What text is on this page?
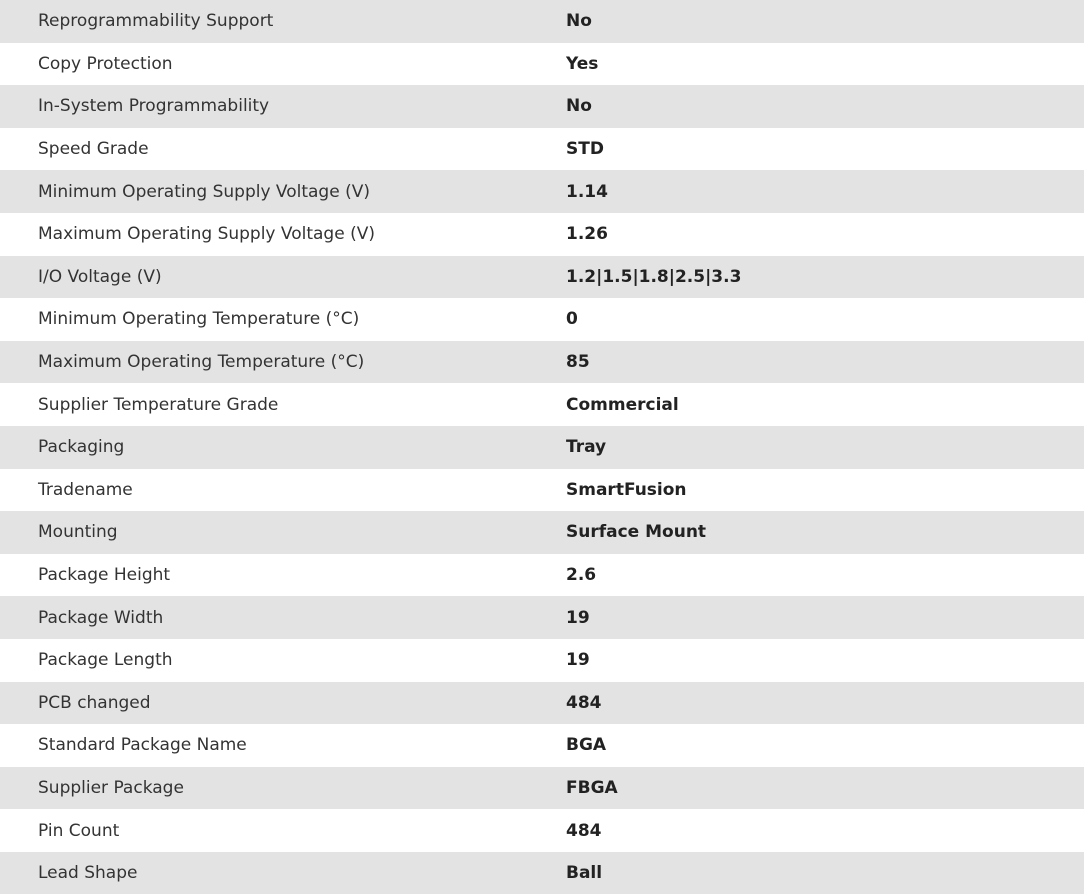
Reprogrammability Support	No
Copy Protection	Yes
In-System Programmability	No
Speed Grade	STD
Minimum Operating Supply Voltage (V)	1.14
Maximum Operating Supply Voltage (V)	1.26
I/O Voltage (V)	1.2|1.5|1.8|2.5|3.3
Minimum Operating Temperature (°C)	0
Maximum Operating Temperature (°C)	85
Supplier Temperature Grade	Commercial
Packaging	Tray
Tradename	SmartFusion
Mounting	Surface Mount
Package Height	2.6
Package Width	19
Package Length	19
PCB changed	484
Standard Package Name	BGA
Supplier Package	FBGA
Pin Count	484
Lead Shape	Ball
